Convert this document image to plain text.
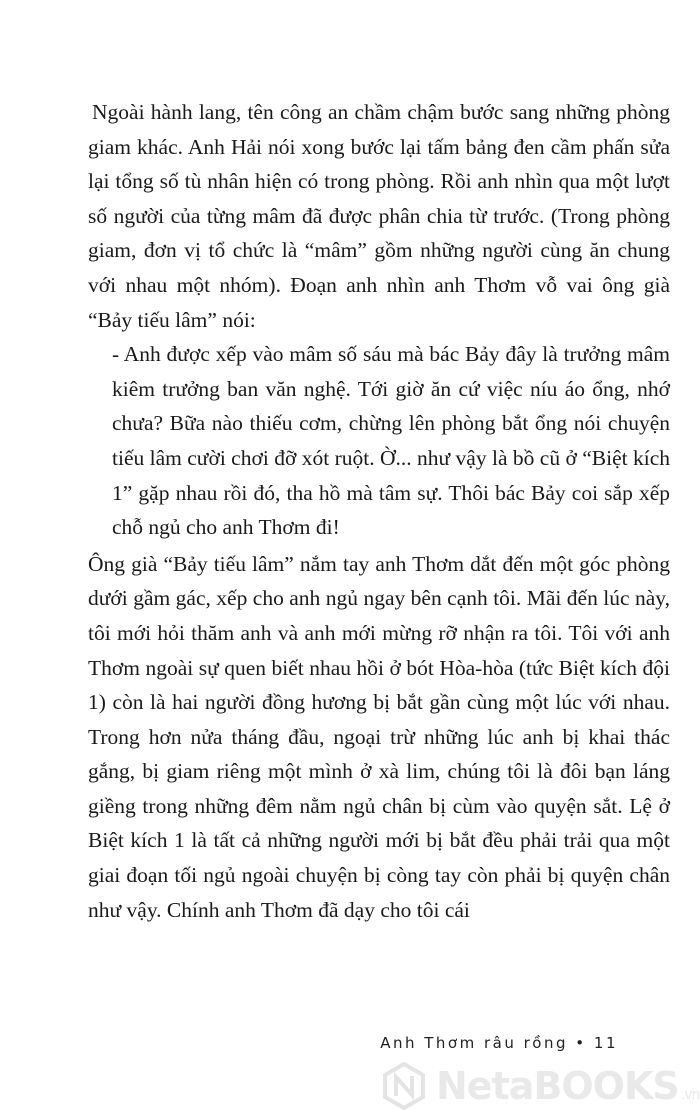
Ngoài hành lang, tên công an chầm chậm bước sang những phòng giam khác. Anh Hải nói xong bước lại tấm bảng đen cầm phấn sửa lại tổng số tù nhân hiện có trong phòng. Rồi anh nhìn qua một lượt số người của từng mâm đã được phân chia từ trước. (Trong phòng giam, đơn vị tổ chức là “mâm” gồm những người cùng ăn chung với nhau một nhóm). Đoạn anh nhìn anh Thơm vỗ vai ông già “Bảy tiếu lâm” nói:

- Anh được xếp vào mâm số sáu mà bác Bảy đây là trưởng mâm kiêm trưởng ban văn nghệ. Tới giờ ăn cứ việc níu áo ổng, nhớ chưa? Bữa nào thiếu cơm, chừng lên phòng bắt ổng nói chuyện tiếu lâm cười chơi đỡ xót ruột. Ờ... như vậy là bồ cũ ở “Biệt kích 1” gặp nhau rồi đó, tha hồ mà tâm sự. Thôi bác Bảy coi sắp xếp chỗ ngủ cho anh Thơm đi!

Ông già “Bảy tiếu lâm” nắm tay anh Thơm dắt đến một góc phòng dưới gầm gác, xếp cho anh ngủ ngay bên cạnh tôi. Mãi đến lúc này, tôi mới hỏi thăm anh và anh mới mừng rỡ nhận ra tôi. Tôi với anh Thơm ngoài sự quen biết nhau hồi ở bót Hòa-hòa (tức Biệt kích đội 1) còn là hai người đồng hương bị bắt gần cùng một lúc với nhau. Trong hơn nửa tháng đầu, ngoại trừ những lúc anh bị khai thác gắng, bị giam riêng một mình ở xà lim, chúng tôi là đôi bạn láng giềng trong những đêm nằm ngủ chân bị cùm vào quyện sắt. Lệ ở Biệt kích 1 là tất cả những người mới bị bắt đều phải trải qua một giai đoạn tối ngủ ngoài chuyện bị còng tay còn phải bị quyện chân như vậy. Chính anh Thơm đã dạy cho tôi cái

Anh Thơm râu rồng • 11
NetaBOOKS .vn
